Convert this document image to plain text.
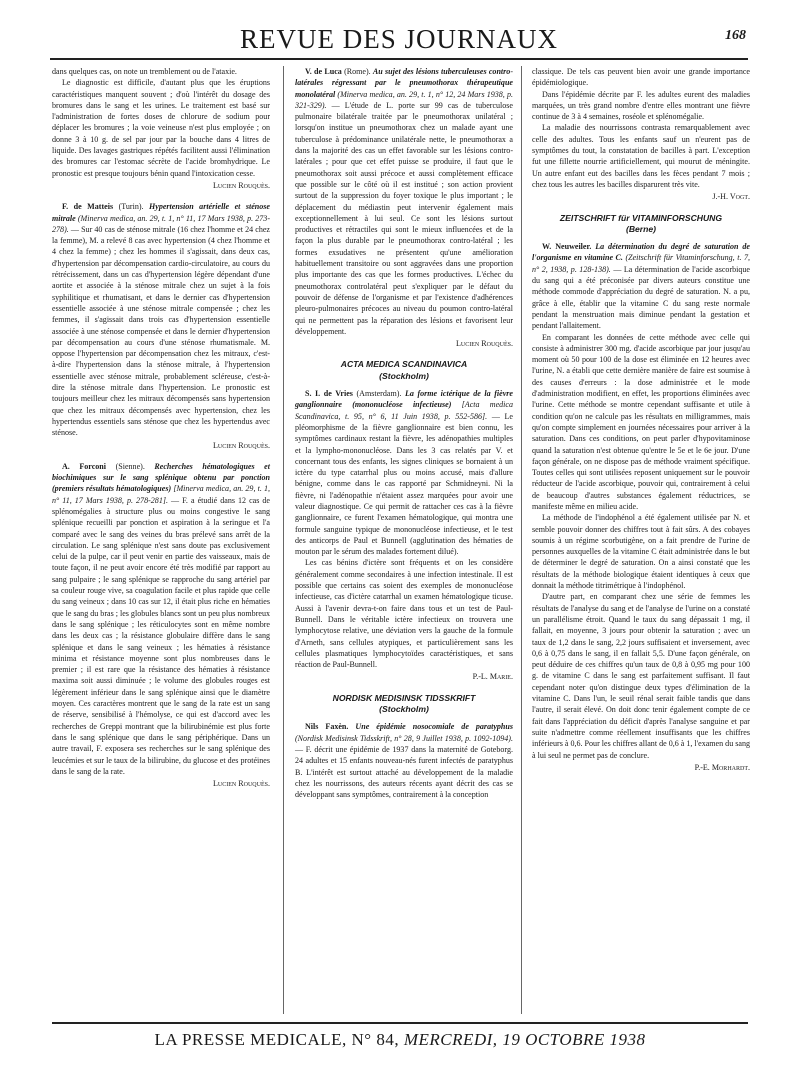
REVUE DES JOURNAUX	168

dans quelques cas, on note un tremblement ou de l'ataxie.

Le diagnostic est difficile, d'autant plus que les éruptions caractéristiques manquent souvent ; d'où l'intérêt du dosage des bromures dans le sang et les urines. Le traitement est basé sur l'administration de fortes doses de chlorure de sodium pour déplacer les bromures ; la voie veineuse n'est plus employée ; on donne 3 à 10 g. de sel par jour par la bouche dans 4 litres de liquide. Des lavages gastriques répétés facilitent aussi l'élimination des bromures car l'estomac sécrète de l'acide bromhydrique. Le pronostic est presque toujours bénin quand l'intoxication cesse.

Lucien Rouquès.

F. de Matteis (Turin). Hypertension artérielle et sténose mitrale (Minerva medica, an. 29, t. 1, n° 11, 17 Mars 1938, p. 273-278). — Sur 40 cas de sténose mitrale (16 chez l'homme et 24 chez la femme), M. a relevé 8 cas avec hypertension (4 chez l'homme et 4 chez la femme) ; chez les hommes il s'agissait, dans deux cas, d'hypertension par décompensation cardio-circulatoire, au cours du rétrécissement, dans un cas d'hypertension légère dépendant d'une aortite et associée à la sténose mitrale chez un sujet à la fois syphilitique et rhumatisant, et dans le dernier cas d'hypertension essentielle associée à une sténose mitrale compensée ; chez les femmes, il s'agissait dans trois cas d'hypertension essentielle associée à une sténose compensée et dans le dernier d'hypertension par décompensation au cours d'une sténose rhumatismale. M. oppose l'hypertension par décompensation chez les mitraux, c'est-à-dire l'hypertension dans la sténose mitrale, à l'hypertension essentielle avec sténose mitrale, probablement scléreuse, c'est-à-dire la sténose mitrale dans l'hypertension. Le pronostic est toujours meilleur chez les mitraux décompensés sans hypertension que chez les mitraux décompensés avec hypertension, chez les hypertendus essentiels sans sténose que chez les hypertendus avec sténose.

Lucien Rouquès.

A. Forconi (Sienne). Recherches hématologiques et biochimiques sur le sang splénique obtenu par ponction (premiers résultats hématologiques) [Minerva medica, an. 29, t. 1, n° 11, 17 Mars 1938, p. 278-281]. — F. a étudié dans 12 cas de splénomégalies à structure plus ou moins congestive le sang splénique recueilli par ponction et aspiration à la seringue et l'a comparé avec le sang des veines du bras prélevé sans arrêt de la circulation. Le sang splénique n'est sans doute pas exclusivement celui de la pulpe, car il peut venir en partie des vaisseaux, mais de toute façon, il ne peut avoir encore été très modifié par rapport au sang pulpaire ; le sang splénique se rapproche du sang artériel par sa couleur rouge vive, sa coagulation facile et plus rapide que celle du sang veineux ; dans 10 cas sur 12, il était plus riche en hématies que le sang du bras ; les globules blancs sont un peu plus nombreux dans le sang splénique ; les réticulocytes sont en même nombre dans les deux cas ; la résistance globulaire diffère dans le sang splénique et dans le sang veineux ; les hématies à résistance minima et résistance moyenne sont plus nombreuses dans le premier ; il est rare que la résistance des hématies à résistance maxima soit aussi diminuée ; le volume des globules rouges est légèrement inférieur dans le sang splénique ainsi que le diamètre moyen. Ces caractères montrent que le sang de la rate est un sang de réserve, sensibilisé à l'hémolyse, ce qui est d'accord avec les recherches de Greppi montrant que la bilirubinémie est plus forte dans le sang splénique que dans le sang périphérique. Dans un autre travail, F. exposera ses recherches sur le sang splénique des leucémies et sur le taux de la bilirubine, du glucose et des protéines dans le sang de la rate.

Lucien Rouquès.

V. de Luca (Rome). Au sujet des lésions tuberculeuses contro-latérales régressant par le pneumothorax thérapeutique monolatéral (Minerva medica, an. 29, t. 1, n° 12, 24 Mars 1938, p. 321-329). — L'étude de L. porte sur 99 cas de tuberculose pulmonaire bilatérale traitée par le pneumothorax unilatéral ; lorsqu'on institue un pneumothorax chez un malade ayant une tuberculose à prédominance unilatérale nette, le pneumothorax a dans la majorité des cas un effet favorable sur les lésions contro-latérales ; pour que cet effet puisse se produire, il faut que le pneumothorax soit aussi précoce et aussi complètement efficace que possible sur le côté où il est institué ; son action provient surtout de la suppression du foyer toxique le plus important ; le déplacement du médiastin peut intervenir également mais exceptionnellement à lui seul. Ce sont les lésions surtout productives et rétractiles qui sont le mieux influencées et de la façon la plus durable par le pneumothorax contro-latéral ; les formes exsudatives ne présentent qu'une amélioration habituellement transitoire ou sont aggravées dans une proportion plus importante des cas que les formes productives. L'échec du pneumothorax controlatéral peut s'expliquer par le défaut du pouvoir de défense de l'organisme et par l'existence d'adhérences pleuro-pulmonaires précoces au niveau du poumon contro-latéral qui ne permettent pas la réparation des lésions et favorisent leur développement.

Lucien Rouquès.

ACTA MEDICA SCANDINAVICA

(Stockholm)

S. I. de Vries (Amsterdam). La forme ictérique de la fièvre ganglionnaire (mononucléose infectieuse) [Acta medica Scandinavica, t. 95, n° 6, 11 Juin 1938, p. 552-586]. — Le pléomorphisme de la fièvre ganglionnaire est bien connu, les symptômes cardinaux restant la fièvre, les adénopathies multiples et la lympho-mononucléose. Dans les 3 cas relatés par V. et concernant tous des enfants, les signes cliniques se bornaient à un ictère du type catarrhal plus ou moins accusé, mais d'allure bénigne, comme dans le cas rapporté par Schmidneyni. Ni la fièvre, ni l'adénopathie n'étaient assez marquées pour avoir une valeur diagnostique. Ce qui permit de rattacher ces cas à la fièvre ganglionnaire, ce furent l'examen hématologique, qui montra une formule sanguine typique de mononucléose infectieuse, et le test des anticorps de Paul et Bunnell (agglutination des hématies de mouton par le sérum des malades fortement dilué).

Les cas bénins d'ictère sont fréquents et on les considère généralement comme secondaires à une infection intestinale. Il est possible que certains cas soient des exemples de mononucléose infectieuse, cas d'ictère catarrhal un examen hématologique ticuse. Aussi à l'avenir devra-t-on faire dans tous et un test de Paul-Bunnell. Dans le véritable ictère infectieux on trouvera une lymphocytose relative, une déviation vers la gauche de la formule d'Arneth, sans cellules atypiques, et particulièrement sans les cellules plasmatiques lymphocytoïdes caractéristiques, et sans réaction de Paul-Bunnell.

P.-L. Marie.

NORDISK MEDISINSK TIDSSKRIFT

(Stockholm)

Nils Faxèn. Une épidémie nosocomiale de paratyphus (Nordisk Medisinsk Tidsskrift, n° 28, 9 Juillet 1938, p. 1092-1094). — F. décrit une épidémie de 1937 dans la maternité de Goteborg. 24 adultes et 15 enfants nouveau-nés furent infectés de paratyphus B. L'intérêt est surtout attaché au développement de la maladie chez les nourrissons, des auteurs récents ayant décrit des cas se développant sans symptômes, contrairement à la conception

classique. De tels cas peuvent bien avoir une grande importance épidémiologique.

Dans l'épidémie décrite par F. les adultes eurent des maladies marquées, un très grand nombre d'entre elles montrant une fièvre continue de 3 à 4 semaines, roséole et splénomégalie.

La maladie des nourrissons contrasta remarquablement avec celle des adultes. Tous les enfants sauf un n'eurent pas de symptômes du tout, la constatation de bacilles à part. L'exception fut une fillette nourrie artificiellement, qui mourut de méningite. Un autre enfant eut des bacilles dans les fèces pendant 7 mois ; chez tous les autres les bacilles disparurent très vite.

J.-H. Vogt.

ZEITSCHRIFT für VITAMINFORSCHUNG

(Berne)

W. Neuweiler. La détermination du degré de saturation de l'organisme en vitamine C. (Zeitschrift für Vitaminforschung, t. 7, n° 2, 1938, p. 128-138). — La détermination de l'acide ascorbique du sang qui a été préconisée par divers auteurs constitue une méthode commode d'appréciation du degré de saturation. N. a pu, grâce à elle, établir que la vitamine C du sang reste normale pendant la menstruation mais diminue pendant la gestation et pendant l'allaitement.

En comparant les données de cette méthode avec celle qui consiste à administrer 300 mg. d'acide ascorbique par jour jusqu'au moment où 50 pour 100 de la dose est éliminée en 12 heures avec l'urine, N. a établi que cette dernière manière de faire est soumise à des causes d'erreurs : la dose administrée et le mode d'administration modifient, en effet, les proportions éliminées avec l'urine. Cette méthode se montre cependant suffisante et utile à condition qu'on ne calcule pas les résultats en milligrammes, mais qu'on compte simplement en journées nécessaires pour arriver à la saturation. Dans ces conditions, on peut parler d'hypovitaminose quand la saturation n'est obtenue qu'entre le 5e et le 6e jour. D'une façon générale, on ne dispose pas de méthode vraiment spécifique. Toutes celles qui sont utilisées reposent uniquement sur le pouvoir réducteur de l'acide ascorbique, pouvoir qui, contrairement à celui de beaucoup d'autres substances également réductrices, se manifeste même en milieu acide.

La méthode de l'indophénol a été également utilisée par N. et semble pouvoir donner des chiffres tout à fait sûrs. A des cobayes soumis à un régime scorbutigène, on a fait prendre de l'urine de personnes auxquelles de la vitamine C était administrée dans le but de déterminer le degré de saturation. On a ainsi constaté que les résultats de la méthode biologique étaient identiques à ceux que donnait la méthode titrimétrique à l'indophénol.

D'autre part, en comparant chez une série de femmes les résultats de l'analyse du sang et de l'analyse de l'urine on a constaté un parallélisme étroit. Quand le taux du sang dépassait 1 mg, il fallait, en moyenne, 3 jours pour obtenir la saturation ; avec un taux de 1,2 dans le sang, 2,2 jours suffisaient et inversement, avec 0,6 à 0,75 dans le sang, il en fallait 5,5. D'une façon générale, on peut déduire de ces chiffres qu'un taux de 0,8 à 0,95 mg pour 100 g. de vitamine C dans le sang est parfaitement suffisant. Il faut cependant noter qu'on distingue deux types d'élimination de la vitamine C. Dans l'un, le seuil rénal serait faible tandis que dans l'autre, il serait élevé. On doit donc tenir également compte de ce fait dans l'appréciation du déficit d'après l'analyse sanguine et par suite n'admettre comme réellement insuffisants que les chiffres inférieurs à 0,6. Pour les chiffres allant de 0,6 à 1, l'examen du sang à lui seul ne permet pas de conclure.

P.-E. Morhardt.

LA PRESSE MEDICALE, N° 84, MERCREDI, 19 OCTOBRE 1938
